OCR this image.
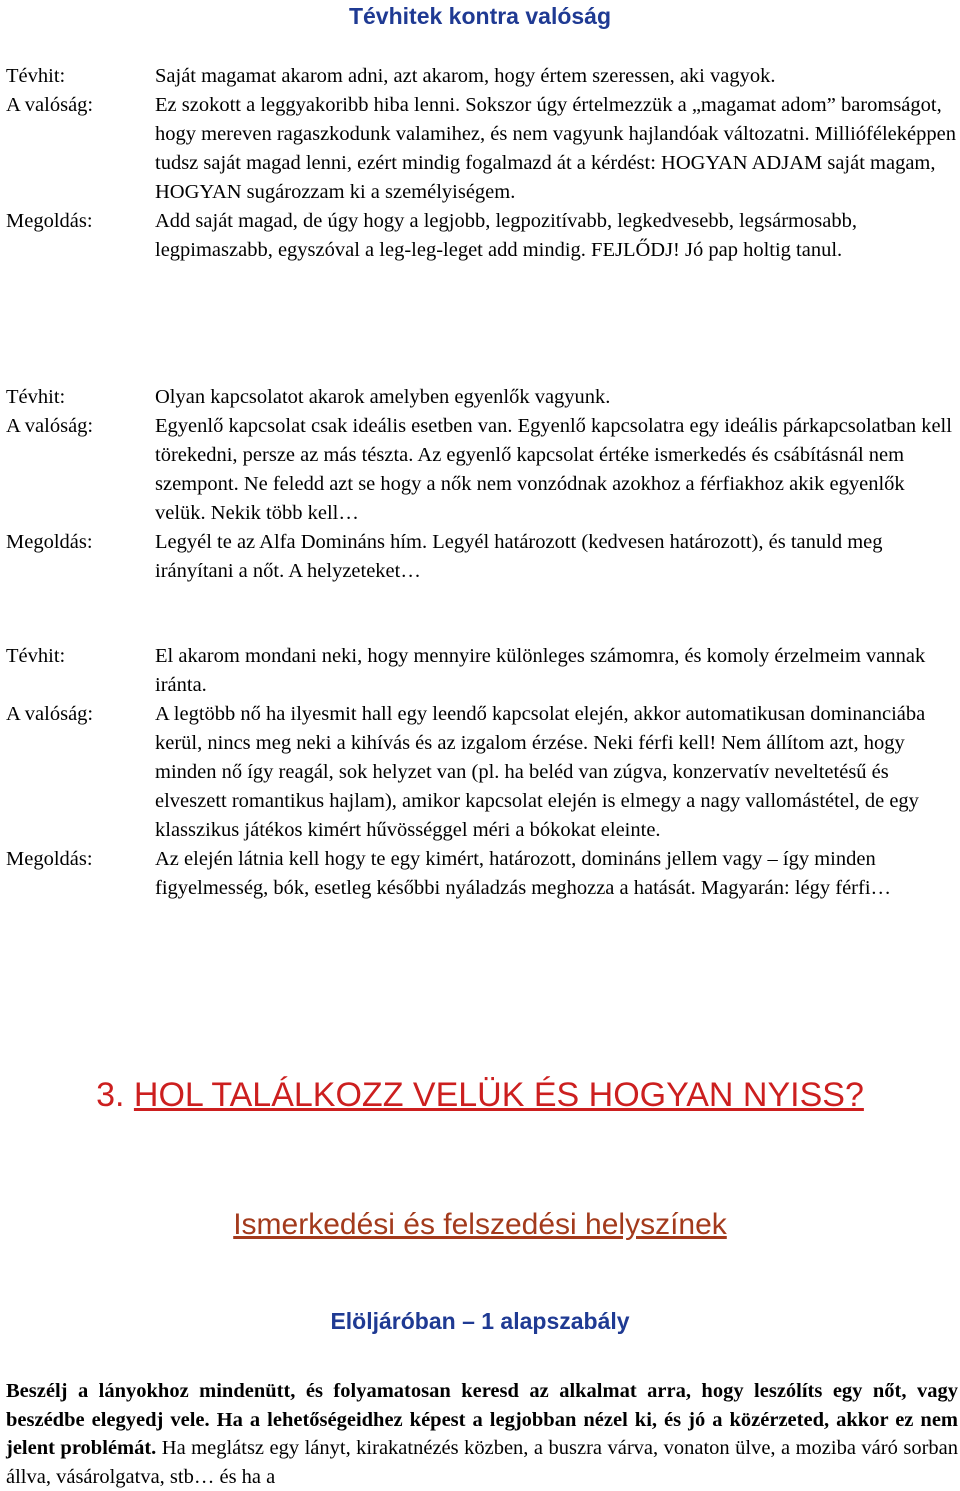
Tévhitek kontra valóság
Tévhit:	Saját magamat akarom adni, azt akarom, hogy értem szeressen, aki vagyok.
A valóság:	Ez szokott a leggyakoribb hiba lenni. Sokszor úgy értelmezzük a „magamat adom” baromságot, hogy mereven ragaszkodunk valamihez, és nem vagyunk hajlandóak változatni. Millióféleképpen tudsz saját magad lenni, ezért mindig fogalmazd át a kérdést: HOGYAN ADJAM saját magam, HOGYAN sugározzam ki a személyiségem.
Megoldás:	Add saját magad, de úgy hogy a legjobb, legpozitívabb, legkedvesebb, legsármosabb, legpimaszabb, egyszóval a leg-leg-leget add mindig. FEJLŐDJ! Jó pap holtig tanul.
Tévhit:	Olyan kapcsolatot akarok amelyben egyenlők vagyunk.
A valóság:	Egyenlő kapcsolat csak ideális esetben van. Egyenlő kapcsolatra egy ideális párkapcsolatban kell törekedni, persze az más tészta. Az egyenlő kapcsolat értéke ismerkedés és csábításnál nem szempont. Ne feledd azt se hogy a nők nem vonzódnak azokhoz a férfiakhoz akik egyenlők velük. Nekik több kell…
Megoldás:	Legyél te az Alfa Domináns hím. Legyél határozott (kedvesen határozott), és tanuld meg irányítani a nőt. A helyzeteket…
Tévhit:	El akarom mondani neki, hogy mennyire különleges számomra, és komoly érzelmeim vannak iránta.
A valóság:	A legtöbb nő ha ilyesmit hall egy leendő kapcsolat elején, akkor automatikusan dominanciába kerül, nincs meg neki a kihívás és az izgalom érzése. Neki férfi kell! Nem állítom azt, hogy minden nő így reagál, sok helyzet van (pl. ha beléd van zúgva, konzervatív neveltetésű és elveszett romantikus hajlam), amikor kapcsolat elején is elmegy a nagy vallomástétel, de egy klasszikus játékos kimért hűvösséggel méri a bókokat eleinte.
Megoldás:	Az elején látnia kell hogy te egy kimért, határozott, domináns jellem vagy – így minden figyelmesség, bók, esetleg későbbi nyáladzás meghozza a hatását. Magyarán: légy férfi…
3. HOL TALÁLKOZZ VELÜK ÉS HOGYAN NYISS?
Ismerkedési és felszedési helyszínek
Elöljáróban – 1 alapszabály
Beszélj a lányokhoz mindenütt, és folyamatosan keresd az alkalmat arra, hogy leszólíts egy nőt, vagy beszédbe elegyedj vele. Ha a lehetőségeidhez képest a legjobban nézel ki, és jó a közérzeted, akkor ez nem jelent problémát. Ha meglátsz egy lányt, kirakatnézés közben, a buszra várva, vonaton ülve, a moziba váró sorban állva, vásárolgatva, stb… és ha a
